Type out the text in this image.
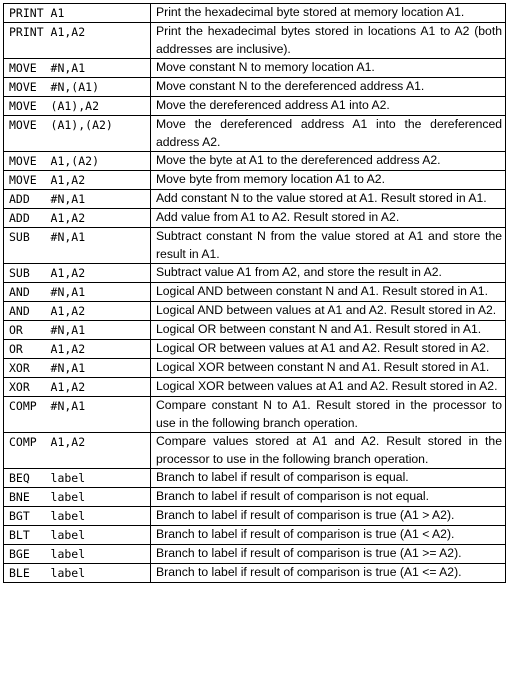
PRINT A1	Print the hexadecimal byte stored at memory location A1.
PRINT A1,A2	Print the hexadecimal bytes stored in locations A1 to A2 (both addresses are inclusive).
MOVE  #N,A1	Move constant N to memory location A1.
MOVE  #N,(A1)	Move constant N to the dereferenced address A1.
MOVE  (A1),A2	Move the dereferenced address A1 into A2.
MOVE  (A1),(A2)	Move the dereferenced address A1 into the dereferenced address A2.
MOVE  A1,(A2)	Move the byte at A1 to the dereferenced address A2.
MOVE  A1,A2	Move byte from memory location A1 to A2.
ADD   #N,A1	Add constant N to the value stored at A1. Result stored in A1.
ADD   A1,A2	Add value from A1 to A2. Result stored in A2.
SUB   #N,A1	Subtract constant N from the value stored at A1 and store the result in A1.
SUB   A1,A2	Subtract value A1 from A2, and store the result in A2.
AND   #N,A1	Logical AND between constant N and A1. Result stored in A1.
AND   A1,A2	Logical AND between values at A1 and A2. Result stored in A2.
OR    #N,A1	Logical OR between constant N and A1. Result stored in A1.
OR    A1,A2	Logical OR between values at A1 and A2. Result stored in A2.
XOR   #N,A1	Logical XOR between constant N and A1. Result stored in A1.
XOR   A1,A2	Logical XOR between values at A1 and A2. Result stored in A2.
COMP  #N,A1	Compare constant N to A1. Result stored in the processor to use in the following branch operation.
COMP  A1,A2	Compare values stored at A1 and A2. Result stored in the processor to use in the following branch operation.
BEQ   label	Branch to label if result of comparison is equal.
BNE   label	Branch to label if result of comparison is not equal.
BGT   label	Branch to label if result of comparison is true (A1 > A2).
BLT   label	Branch to label if result of comparison is true (A1 < A2).
BGE   label	Branch to label if result of comparison is true (A1 >= A2).
BLE   label	Branch to label if result of comparison is true (A1 <= A2).
